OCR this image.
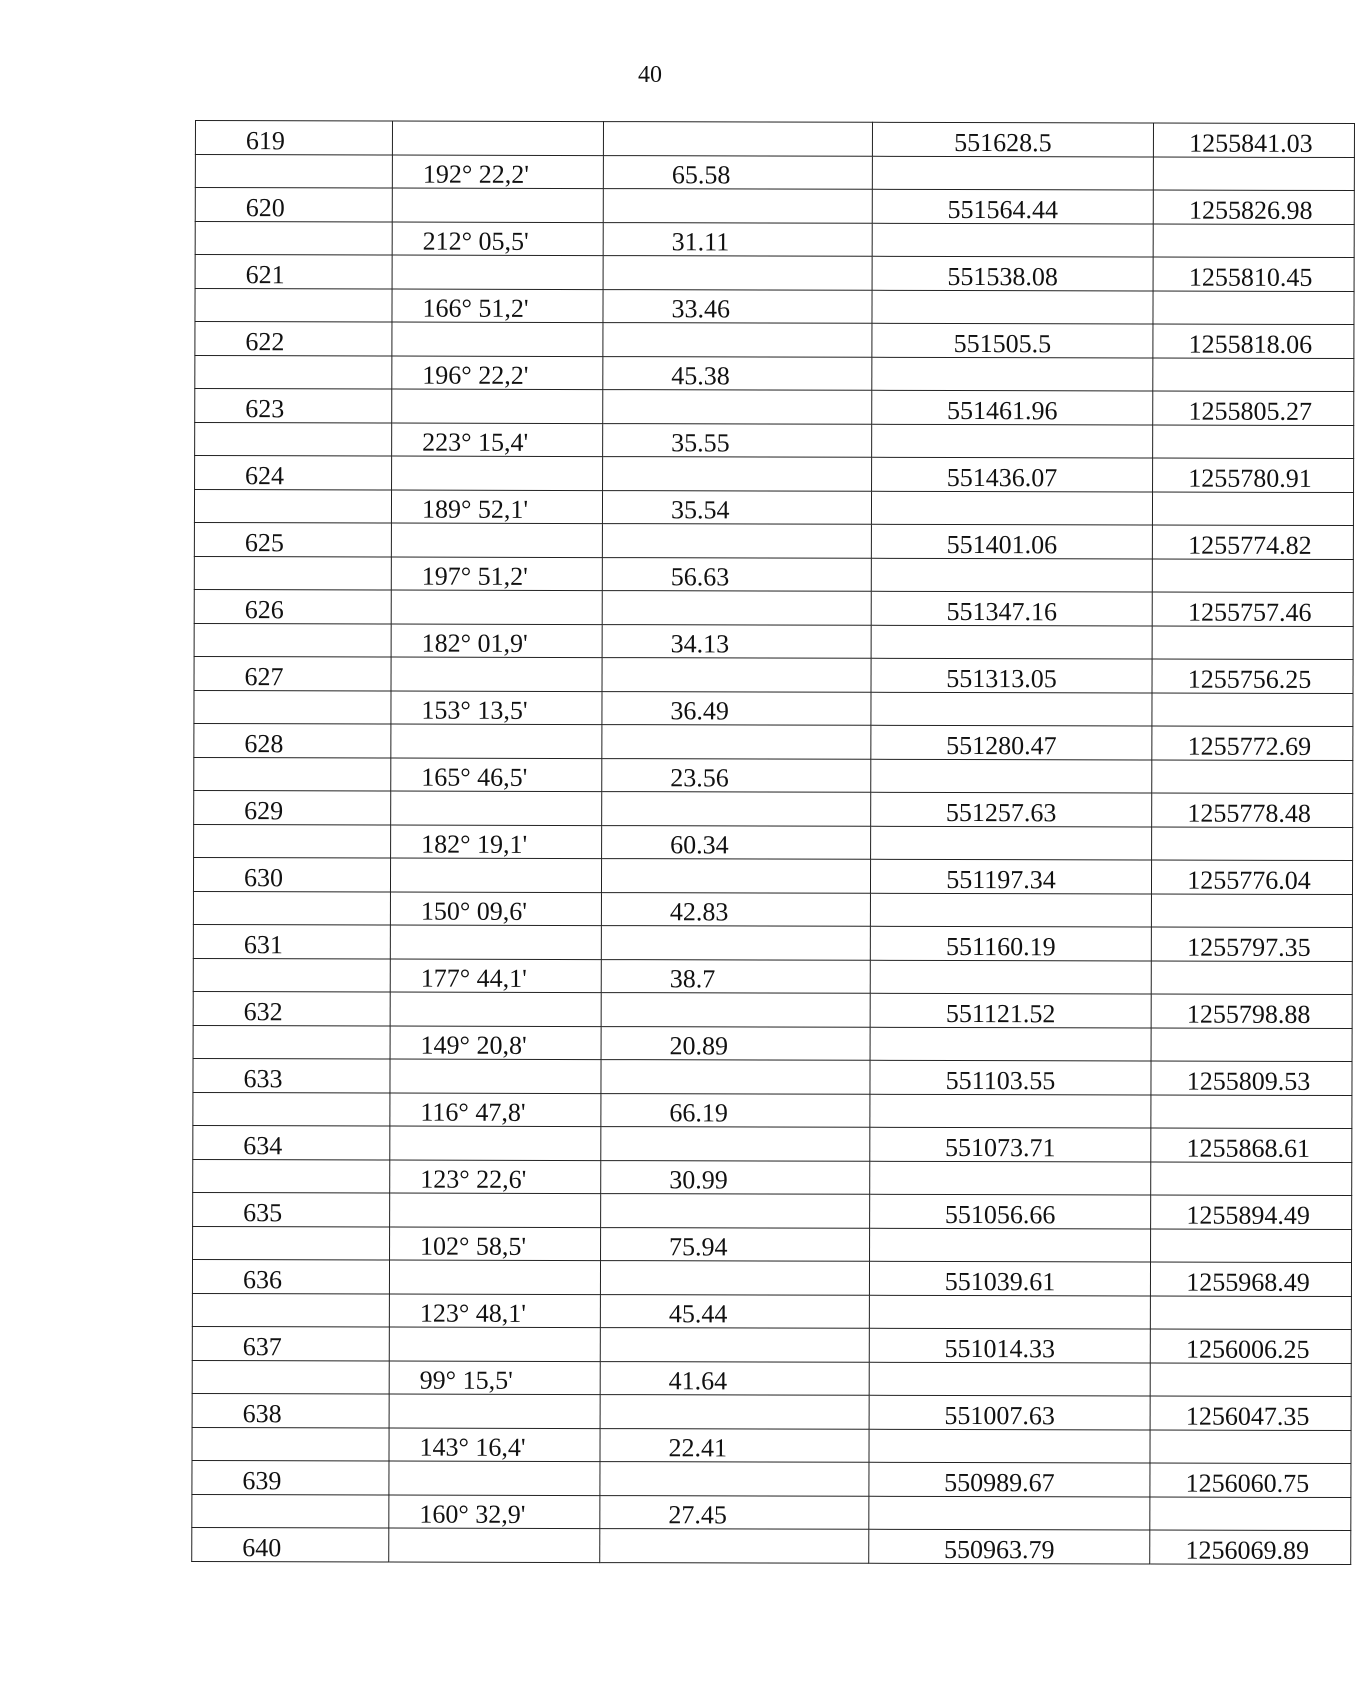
40
619			551628.5	1255841.03
	192° 22,2'	65.58		
620			551564.44	1255826.98
	212° 05,5'	31.11		
621			551538.08	1255810.45
	166° 51,2'	33.46		
622			551505.5	1255818.06
	196° 22,2'	45.38		
623			551461.96	1255805.27
	223° 15,4'	35.55		
624			551436.07	1255780.91
	189° 52,1'	35.54		
625			551401.06	1255774.82
	197° 51,2'	56.63		
626			551347.16	1255757.46
	182° 01,9'	34.13		
627			551313.05	1255756.25
	153° 13,5'	36.49		
628			551280.47	1255772.69
	165° 46,5'	23.56		
629			551257.63	1255778.48
	182° 19,1'	60.34		
630			551197.34	1255776.04
	150° 09,6'	42.83		
631			551160.19	1255797.35
	177° 44,1'	38.7		
632			551121.52	1255798.88
	149° 20,8'	20.89		
633			551103.55	1255809.53
	116° 47,8'	66.19		
634			551073.71	1255868.61
	123° 22,6'	30.99		
635			551056.66	1255894.49
	102° 58,5'	75.94		
636			551039.61	1255968.49
	123° 48,1'	45.44		
637			551014.33	1256006.25
	99° 15,5'	41.64		
638			551007.63	1256047.35
	143° 16,4'	22.41		
639			550989.67	1256060.75
	160° 32,9'	27.45		
640			550963.79	1256069.89
